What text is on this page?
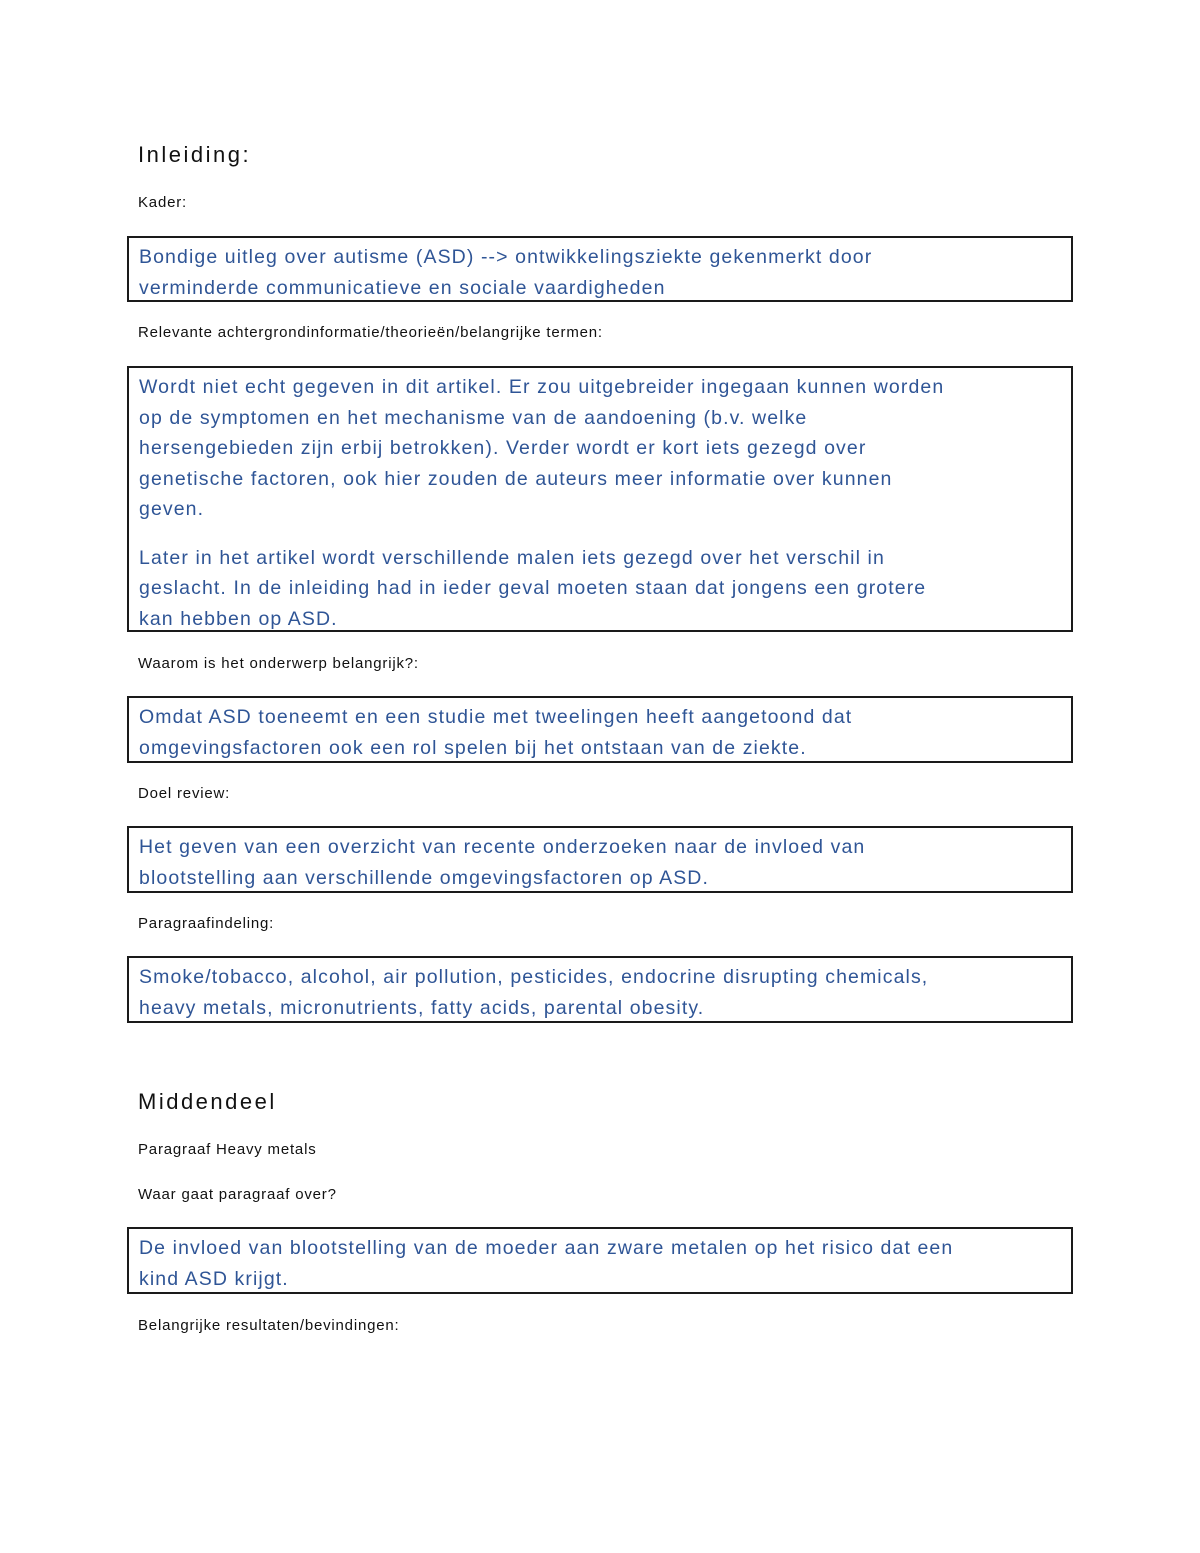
Inleiding:
Kader:

Bondige uitleg over autisme (ASD) --> ontwikkelingsziekte gekenmerkt door
verminderde communicatieve en sociale vaardigheden

Relevante achtergrondinformatie/theorieën/belangrijke termen:

Wordt niet echt gegeven in dit artikel. Er zou uitgebreider ingegaan kunnen worden
op de symptomen en het mechanisme van de aandoening (b.v. welke
hersengebieden zijn erbij betrokken). Verder wordt er kort iets gezegd over
genetische factoren, ook hier zouden de auteurs meer informatie over kunnen
geven.

Later in het artikel wordt verschillende malen iets gezegd over het verschil in
geslacht. In de inleiding had in ieder geval moeten staan dat jongens een grotere
kan hebben op ASD.

Waarom is het onderwerp belangrijk?:

Omdat ASD toeneemt en een studie met tweelingen heeft aangetoond dat
omgevingsfactoren ook een rol spelen bij het ontstaan van de ziekte.

Doel review:

Het geven van een overzicht van recente onderzoeken naar de invloed van
blootstelling aan verschillende omgevingsfactoren op ASD.

Paragraafindeling:

Smoke/tobacco, alcohol, air pollution, pesticides, endocrine disrupting chemicals,
heavy metals, micronutrients, fatty acids, parental obesity.

Middendeel
Paragraaf Heavy metals
Waar gaat paragraaf over?

De invloed van blootstelling van de moeder aan zware metalen op het risico dat een
kind ASD krijgt.

Belangrijke resultaten/bevindingen:
